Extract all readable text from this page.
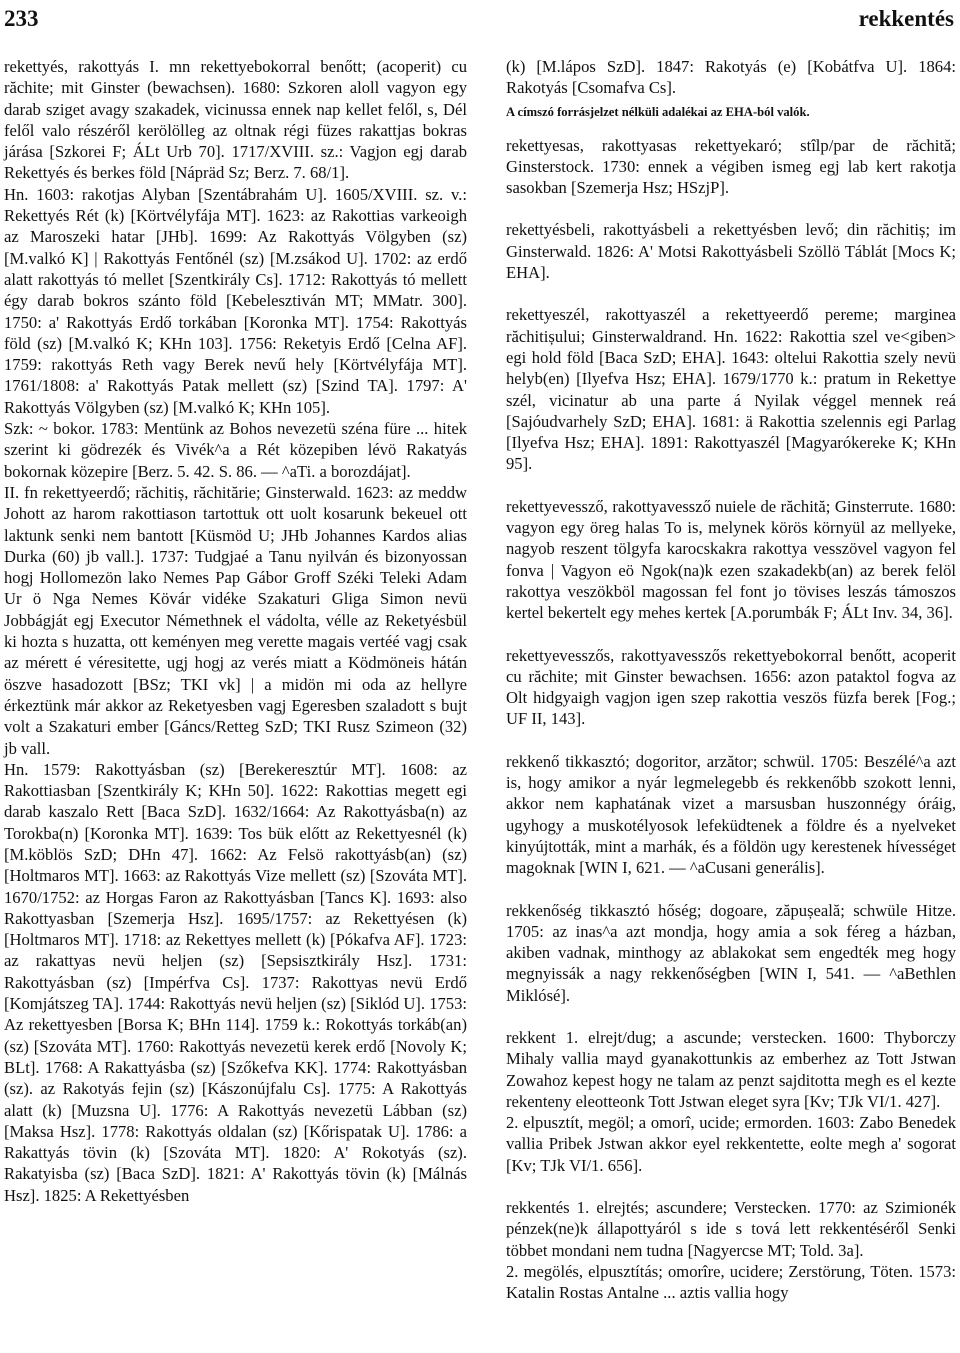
233	rekkentés

rekettyés, rakottyás I. mn rekettyebokorral benőtt; (acoperit) cu răchite; mit Ginster (bewachsen). 1680: Szkoren aloll vagyon egy darab sziget avagy szakadek, vicinussa ennek nap kellet felől, s, Dél felől valo részéről kerölölleg az oltnak régi füzes rakattjas bokras járása [Szkorei F; ÁLt Urb 70]. 1717/XVIII. sz.: Vagjon egj darab Rekettyés és berkes föld [Nápräd Sz; Berz. 7. 68/1].

Hn. 1603: rakotjas Alyban [Szentábrahám U]. 1605/XVIII. sz. v.: Rekettyés Rét (k) [Körtvélyfája MT]. 1623: az Rakottias varkeoigh az Maroszeki hatar [JHb]. 1699: Az Rakottyás Völgyben (sz) [M.valkó K] | Rakottyás Fentőnél (sz) [M.zsákod U]. 1702: az erdő alatt rakottyás tó mellet [Szentkirály Cs]. 1712: Rakottyás tó mellett égy darab bokros szánto föld [Kebelesztiván MT; MMatr. 300]. 1750: a' Rakottyás Erdő torkában [Koronka MT]. 1754: Rakottyás föld (sz) [M.valkó K; KHn 103]. 1756: Reketyis Erdő [Celna AF]. 1759: rakottyás Reth vagy Berek nevű hely [Körtvélyfája MT]. 1761/1808: a' Rakottyás Patak mellett (sz) [Szind TA]. 1797: A' Rakottyás Völgyben (sz) [M.valkó K; KHn 105].

Szk: ~ bokor. 1783: Mentünk az Bohos nevezetü széna füre ... hitek szerint ki gödrezék és Vivék^a a Rét közepiben lévö Rakatyás bokornak közepire [Berz. 5. 42. S. 86. — ^aTi. a borozdájat].

II. fn rekettyeerdő; răchitiș, răchitărie; Ginsterwald. 1623: az meddw Johott az harom rakottiason tartottuk ott uolt kosarunk bekeuel ott laktunk senki nem bantott [Küsmöd U; JHb Johannes Kardos alias Durka (60) jb vall.]. 1737: Tudgjaé a Tanu nyilván és bizonyossan hogj Hollomezön lako Nemes Pap Gábor Groff Széki Teleki Adam Ur ö Nga Nemes Kövár vidéke Szakaturi Gliga Simon nevü Jobbágját egj Executor Némethnek el vádolta, vélle az Reketyésbül ki hozta s huzatta, ott keményen meg verette magais vertéé vagj csak az mérett é véresitette, ugj hogj az verés miatt a Ködmöneis hátán öszve hasadozott [BSz; TKI vk] | a midön mi oda az hellyre érkeztünk már akkor az Reketyesben vagj Egeresben szaladott s bujt volt a Szakaturi ember [Gáncs/Retteg SzD; TKI Rusz Szimeon (32) jb vall.

Hn. 1579: Rakottyásban (sz) [Berekeresztúr MT]. 1608: az Rakottiasban [Szentkirály K; KHn 50]. 1622: Rakottias megett egi darab kaszalo Rett [Baca SzD]. 1632/1664: Az Rakottyásba(n) az Torokba(n) [Koronka MT]. 1639: Tos bük előtt az Rekettyesnél (k) [M.köblös SzD; DHn 47]. 1662: Az Felsö rakottyásb(an) (sz) [Holtmaros MT]. 1663: az Rakottyás Vize mellett (sz) [Szováta MT]. 1670/1752: az Horgas Faron az Rakottyásban [Tancs K]. 1693: also Rakottyasban [Szemerja Hsz]. 1695/1757: az Rekettyésen (k) [Holtmaros MT]. 1718: az Rekettyes mellett (k) [Pókafva AF]. 1723: az rakattyas nevü heljen (sz) [Sepsisztkirály Hsz]. 1731: Rakottyásban (sz) [Impérfva Cs]. 1737: Rakottyas nevü Erdő [Komjátszeg TA]. 1744: Rakottyás nevü heljen (sz) [Siklód U]. 1753: Az rekettyesben [Borsa K; BHn 114]. 1759 k.: Rokottyás torkáb(an) (sz) [Szováta MT]. 1760: Rakottyás nevezetü kerek erdő [Novoly K; BLt]. 1768: A Rakattyásba (sz) [Szőkefva KK]. 1774: Rakottyásban (sz). az Rakotyás fejin (sz) [Kászonújfalu Cs]. 1775: A Rakottyás alatt (k) [Muzsna U]. 1776: A Rakottyás nevezetü Lábban (sz) [Maksa Hsz]. 1778: Rakottyás oldalan (sz) [Kőrispatak U]. 1786: a Rakattyás tövin (k) [Szováta MT]. 1820: A' Rokotyás (sz). Rakatyisba (sz) [Baca SzD]. 1821: A' Rakottyás tövin (k) [Málnás Hsz]. 1825: A Rekettyésben

(k) [M.lápos SzD]. 1847: Rakotyás (e) [Kobátfva U]. 1864: Rakotyás [Csomafva Cs].

A címszó forrásjelzet nélküli adalékai az EHA-ból valók.

rekettyesas, rakottyasas rekettyekaró; stîlp/par de răchită; Ginsterstock. 1730: ennek a végiben ismeg egj lab kert rakotja sasokban [Szemerja Hsz; HSzjP].

rekettyésbeli, rakottyásbeli a rekettyésben levő; din răchitiș; im Ginsterwald. 1826: A' Motsi Rakottyásbeli Szöllö Táblát [Mocs K; EHA].

rekettyeszél, rakottyaszél a rekettyeerdő pereme; marginea răchitișului; Ginsterwaldrand. Hn. 1622: Rakottia szel ve<giben> egi hold föld [Baca SzD; EHA]. 1643: oltelui Rakottia szely nevü helyb(en) [Ilyefva Hsz; EHA]. 1679/1770 k.: pratum in Rekettye szél, vicinatur ab una parte á Nyilak véggel mennek reá [Sajóudvarhely SzD; EHA]. 1681: ä Rakottia szelennis egi Parlag [Ilyefva Hsz; EHA]. 1891: Rakottyaszél [Magyarókereke K; KHn 95].

rekettyevessző, rakottyavessző nuiele de răchită; Ginsterrute. 1680: vagyon egy öreg halas To is, melynek körös környül az mellyeke, nagyob reszent tölgyfa karocskakra rakottya vesszövel vagyon fel fonva | Vagyon eö Ngok(na)k ezen szakadekb(an) az berek felöl rakottya veszökböl magossan fel font jo tövises leszás támoszos kertel bekertelt egy mehes kertek [A.porumbák F; ÁLt Inv. 34, 36].

rekettyevesszős, rakottyavesszős rekettyebokorral benőtt, acoperit cu răchite; mit Ginster bewachsen. 1656: azon pataktol fogva az Olt hidgyaigh vagjon igen szep rakottia veszös füzfa berek [Fog.; UF II, 143].

rekkenő tikkasztó; dogoritor, arzător; schwül. 1705: Beszélé^a azt is, hogy amikor a nyár legmelegebb és rekkenőbb szokott lenni, akkor nem kaphatának vizet a marsusban huszonnégy óráig, ugyhogy a muskotélyosok lefeküdtenek a földre és a nyelveket kinyújtották, mint a marhák, és a földön ugy kerestenek hívességet magoknak [WIN I, 621. — ^aCusani generális].

rekkenőség tikkasztó hőség; dogoare, zăpușeală; schwüle Hitze. 1705: az inas^a azt mondja, hogy amia a sok féreg a házban, akiben vadnak, minthogy az ablakokat sem engedték meg hogy megnyissák a nagy rekkenőségben [WIN I, 541. — ^aBethlen Miklósé].

rekkent 1. elrejt/dug; a ascunde; verstecken. 1600: Thyborczy Mihaly vallia mayd gyanakottunkis az emberhez az Tott Jstwan Zowahoz kepest hogy ne talam az penzt sajditotta megh es el kezte rekenteny eleotteonk Tott Jstwan eleget syra [Kv; TJk VI/1. 427].

2. elpusztít, megöl; a omorî, ucide; ermorden. 1603: Zabo Benedek vallia Pribek Jstwan akkor eyel rekkentette, eolte megh a' sogorat [Kv; TJk VI/1. 656].

rekkentés 1. elrejtés; ascundere; Verstecken. 1770: az Szimionék pénzek(ne)k állapottyáról s ide s tová lett rekkentéséről Senki többet mondani nem tudna [Nagyercse MT; Told. 3a].

2. megölés, elpusztítás; omorîre, ucidere; Zerstörung, Töten. 1573: Katalin Rostas Antalne ... aztis vallia hogy
